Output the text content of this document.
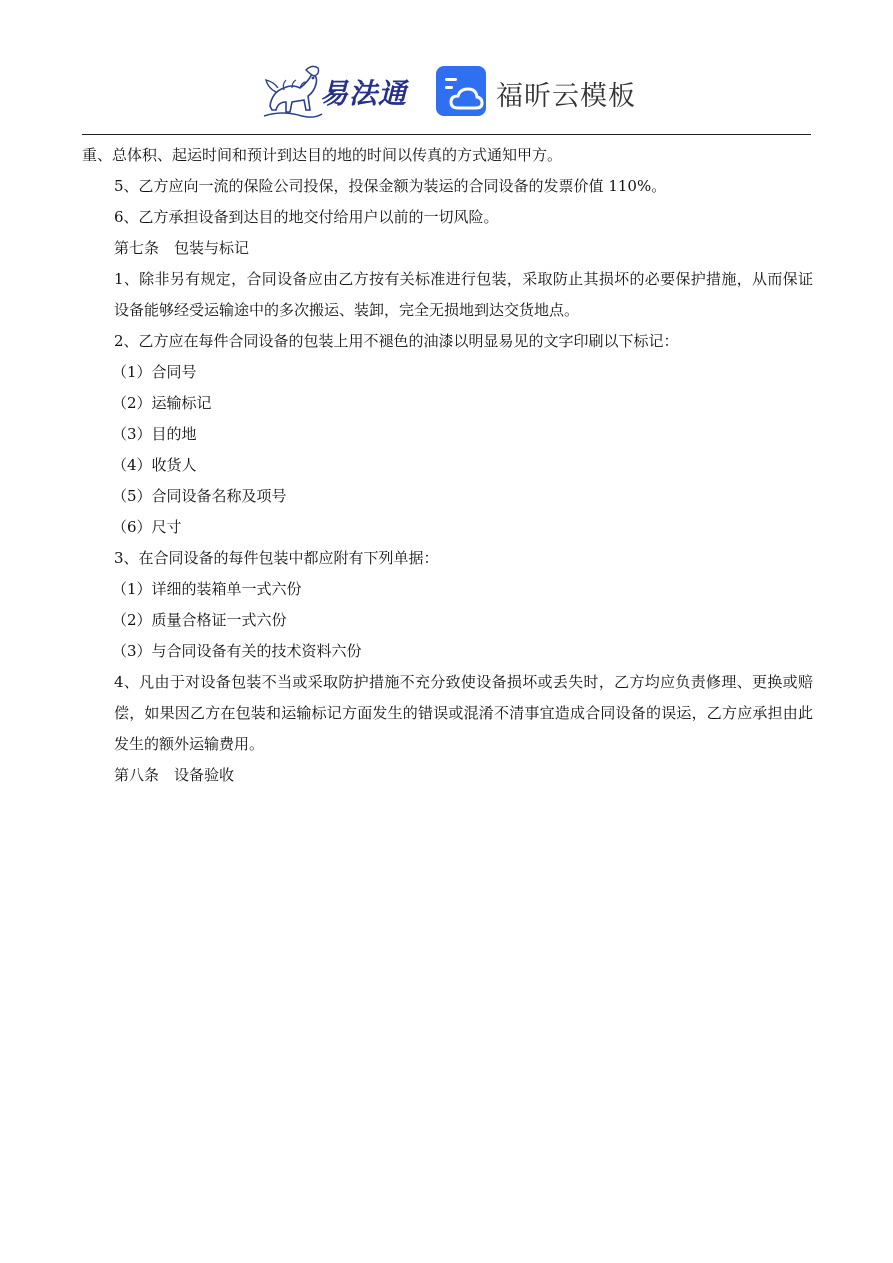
易法通	福昕云模板

重、总体积、起运时间和预计到达目的地的时间以传真的方式通知甲方。

5、乙方应向一流的保险公司投保，投保金额为装运的合同设备的发票价值 110%。

6、乙方承担设备到达目的地交付给用户以前的一切风险。

第七条　包装与标记

1、除非另有规定，合同设备应由乙方按有关标准进行包装，采取防止其损坏的必要保护措施，从而保证设备能够经受运输途中的多次搬运、装卸，完全无损地到达交货地点。

2、乙方应在每件合同设备的包装上用不褪色的油漆以明显易见的文字印刷以下标记：

（1）合同号

（2）运输标记

（3）目的地

（4）收货人

（5）合同设备名称及项号

（6）尺寸

3、在合同设备的每件包装中都应附有下列单据：

（1）详细的装箱单一式六份

（2）质量合格证一式六份

（3）与合同设备有关的技术资料六份

4、凡由于对设备包装不当或采取防护措施不充分致使设备损坏或丢失时，乙方均应负责修理、更换或赔偿，如果因乙方在包装和运输标记方面发生的错误或混淆不清事宜造成合同设备的误运，乙方应承担由此发生的额外运输费用。

第八条　设备验收
